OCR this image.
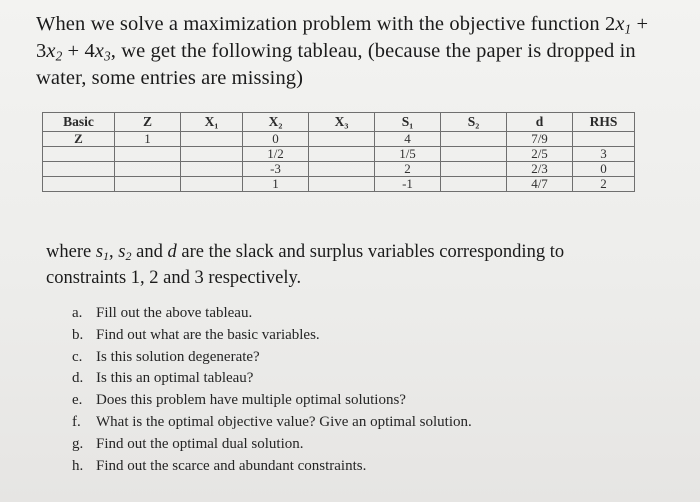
When we solve a maximization problem with the objective function $2x_1 + 3x_2 + 4x_3$, we get the following tableau, (because the paper is dropped in water, some entries are missing)

Basic	Z	X₁	X₂	X₃	S₁	S₂	d	RHS
Z	1		0		4		7/9	
			1/2		1/5		2/5	3
			-3		2		2/3	0
			1		-1		4/7	2

where $s_1$, $s_2$ and d are the slack and surplus variables corresponding to constraints 1, 2 and 3 respectively.

a. Fill out the above tableau.
b. Find out what are the basic variables.
c. Is this solution degenerate?
d. Is this an optimal tableau?
e. Does this problem have multiple optimal solutions?
f. What is the optimal objective value? Give an optimal solution.
g. Find out the optimal dual solution.
h. Find out the scarce and abundant constraints.
